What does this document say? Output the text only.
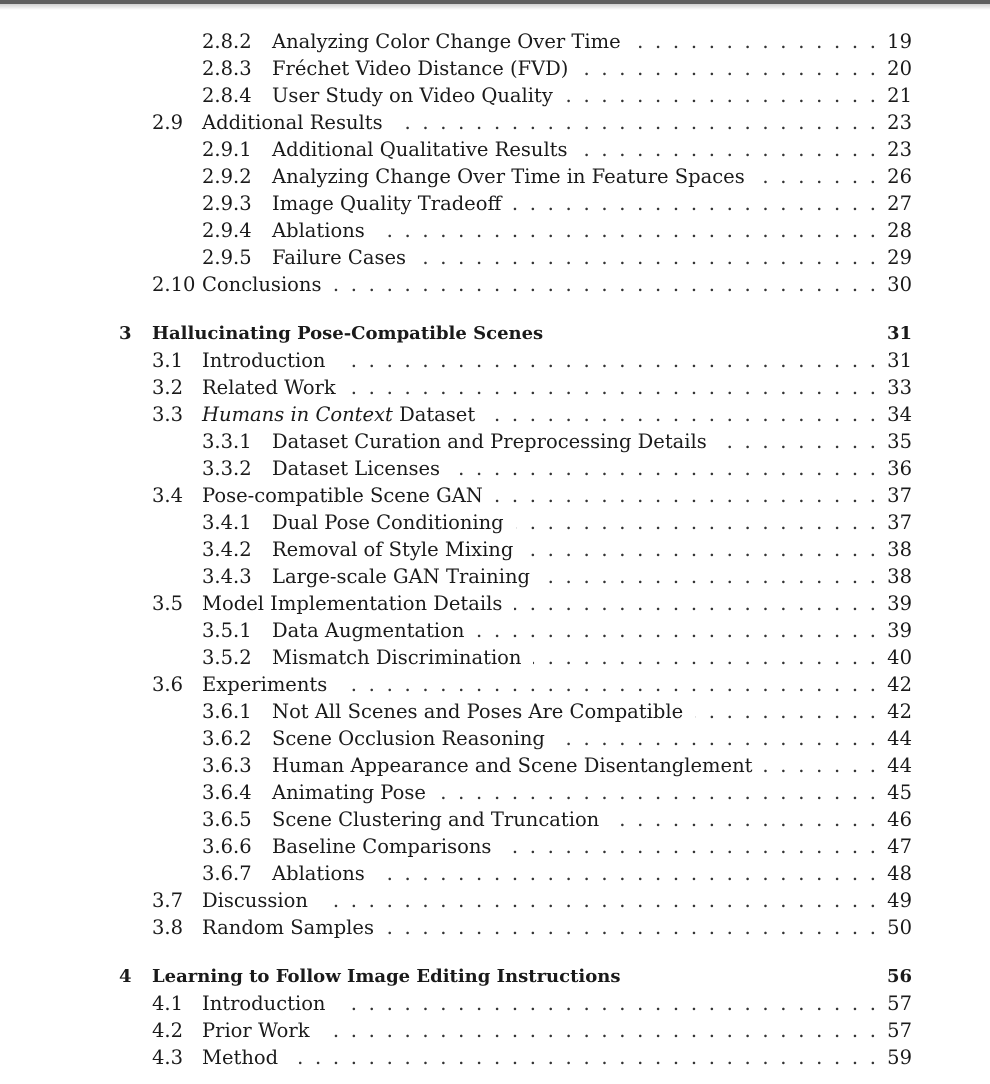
2.8.2 Analyzing Color Change Over Time	19
. . .
2.8.3 Fréchet Video Distance (FVD)	20
. . .
2.8.4 User Study on Video Quality	21
. . .
2.9 Additional Results	23
. . .
2.9.1 Additional Qualitative Results	23
. . .
2.9.2 Analyzing Change Over Time in Feature Spaces	26
. . .
2.9.3 Image Quality Tradeoff	27
. . .
2.9.4 Ablations	28
. . .
2.9.5 Failure Cases	29
. . .
2.10 Conclusions	30
. . .
3 Hallucinating Pose-Compatible Scenes	31
3.1 Introduction	31
. . .
3.2 Related Work	33
. . .
3.3 Humans in Context Dataset	34
. . .
3.3.1 Dataset Curation and Preprocessing Details	35
. . .
3.3.2 Dataset Licenses	36
. . .
3.4 Pose-compatible Scene GAN	37
. . .
3.4.1 Dual Pose Conditioning	37
. . .
3.4.2 Removal of Style Mixing	38
. . .
3.4.3 Large-scale GAN Training	38
. . .
3.5 Model Implementation Details	39
. . .
3.5.1 Data Augmentation	39
. . .
3.5.2 Mismatch Discrimination	40
. . .
3.6 Experiments	42
. . .
3.6.1 Not All Scenes and Poses Are Compatible	42
. . .
3.6.2 Scene Occlusion Reasoning	44
. . .
3.6.3 Human Appearance and Scene Disentanglement	44
. . .
3.6.4 Animating Pose	45
. . .
3.6.5 Scene Clustering and Truncation	46
. . .
3.6.6 Baseline Comparisons	47
. . .
3.6.7 Ablations	48
. . .
3.7 Discussion	49
. . .
3.8 Random Samples	50
. . .
4 Learning to Follow Image Editing Instructions	56
4.1 Introduction	57
. . .
4.2 Prior Work	57
. . .
4.3 Method	59
. . .
